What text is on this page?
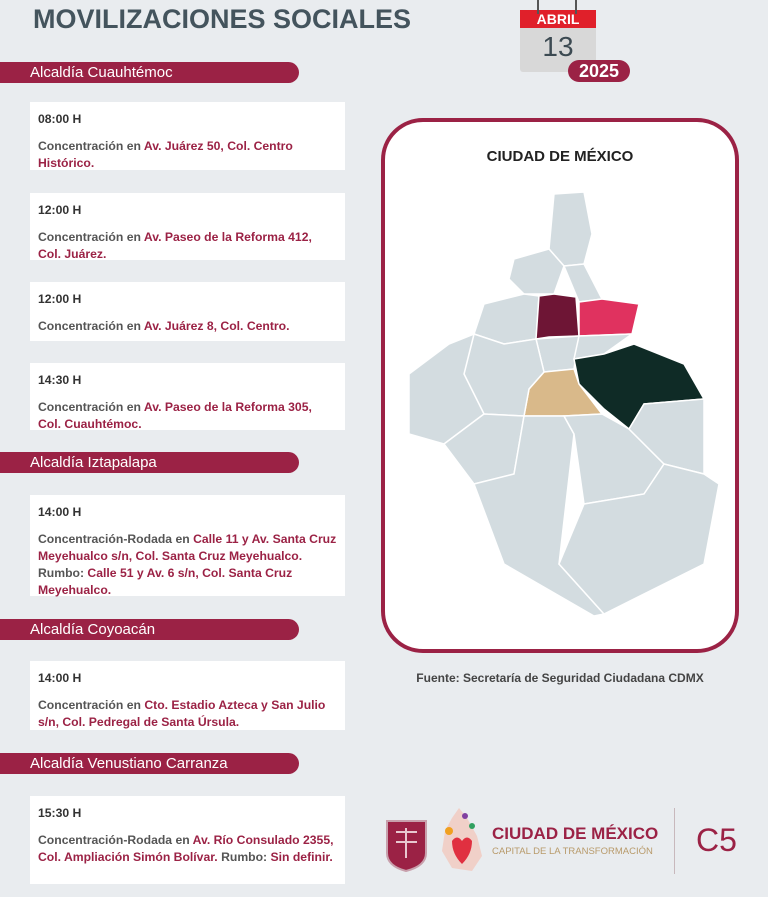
MOVILIZACIONES SOCIALES	ABRIL
13
2025
Alcaldía Cuauhtémoc
08:00 H
Concentración en Av. Juárez 50, Col. Centro Histórico.
12:00 H
Concentración en Av. Paseo de la Reforma 412, Col. Juárez.
12:00 H
Concentración en Av. Juárez 8, Col. Centro.
14:30 H
Concentración en Av. Paseo de la Reforma 305, Col. Cuauhtémoc.
Alcaldía Iztapalapa
14:00 H
Concentración-Rodada en Calle 11 y Av. Santa Cruz Meyehualco s/n, Col. Santa Cruz Meyehualco. Rumbo: Calle 51 y Av. 6 s/n, Col. Santa Cruz Meyehualco.
Alcaldía Coyoacán
14:00 H
Concentración en Cto. Estadio Azteca y San Julio s/n, Col. Pedregal de Santa Úrsula.
Alcaldía Venustiano Carranza
15:30 H
Concentración-Rodada en Av. Río Consulado 2355, Col. Ampliación Simón Bolívar. Rumbo: Sin definir.
CIUDAD DE MÉXICO
Fuente: Secretaría de Seguridad Ciudadana CDMX
CIUDAD DE MÉXICO
CAPITAL DE LA TRANSFORMACIÓN C5
